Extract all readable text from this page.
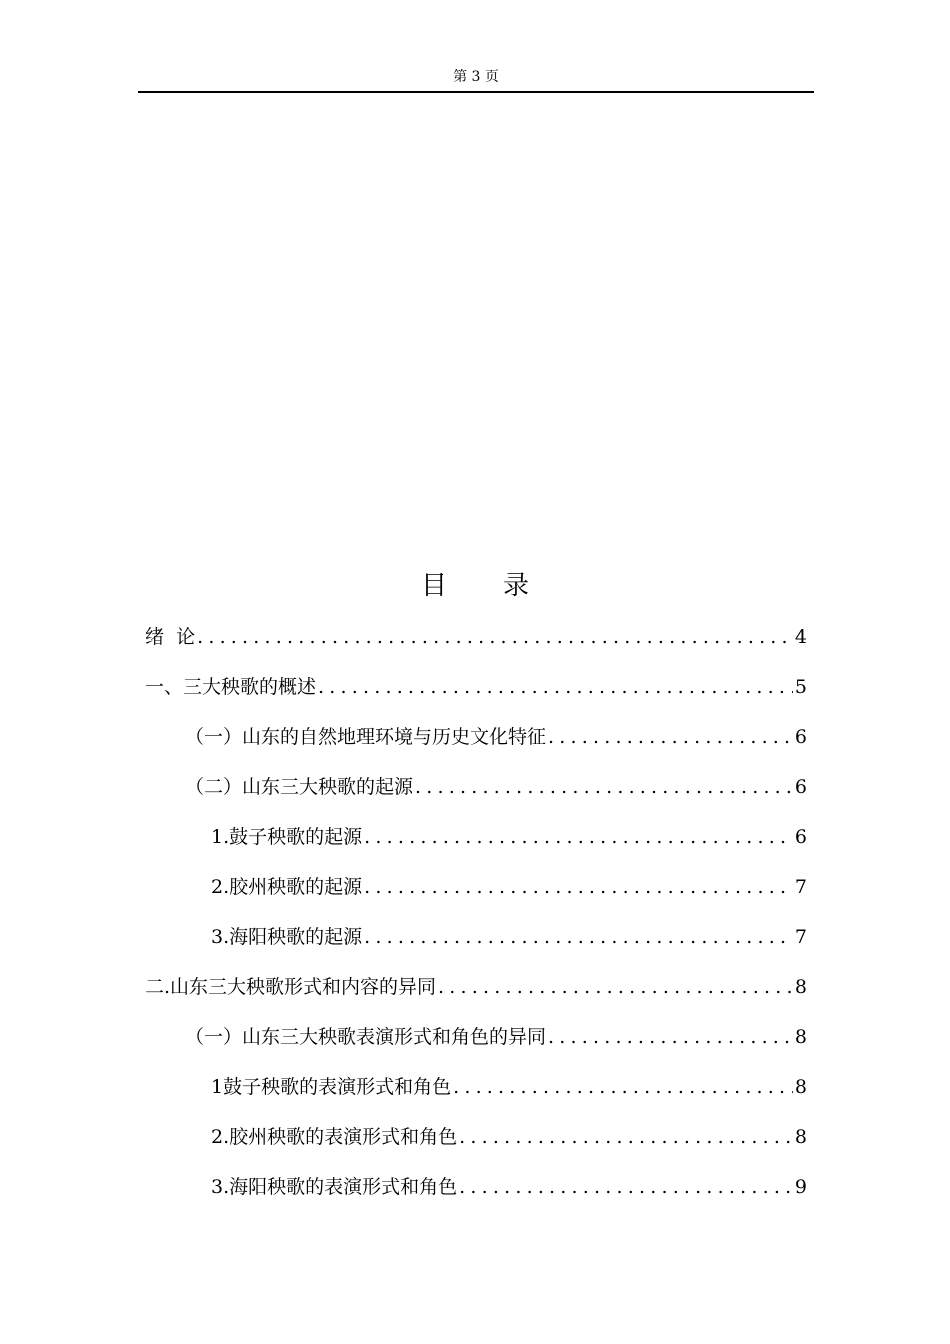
第 3 页
目 录
绪  论 .....	4
一、三大秧歌的概述 .....	5
（一）山东的自然地理环境与历史文化特征 .....	6
（二）山东三大秧歌的起源 .....	6
1.鼓子秧歌的起源 .....	6
2.胶州秧歌的起源 .....	7
3.海阳秧歌的起源 .....	7
二.山东三大秧歌形式和内容的异同 .....	8
（一）山东三大秧歌表演形式和角色的异同 .....	8
1鼓子秧歌的表演形式和角色 .....	8
2.胶州秧歌的表演形式和角色 .....	8
3.海阳秧歌的表演形式和角色 .....	9
